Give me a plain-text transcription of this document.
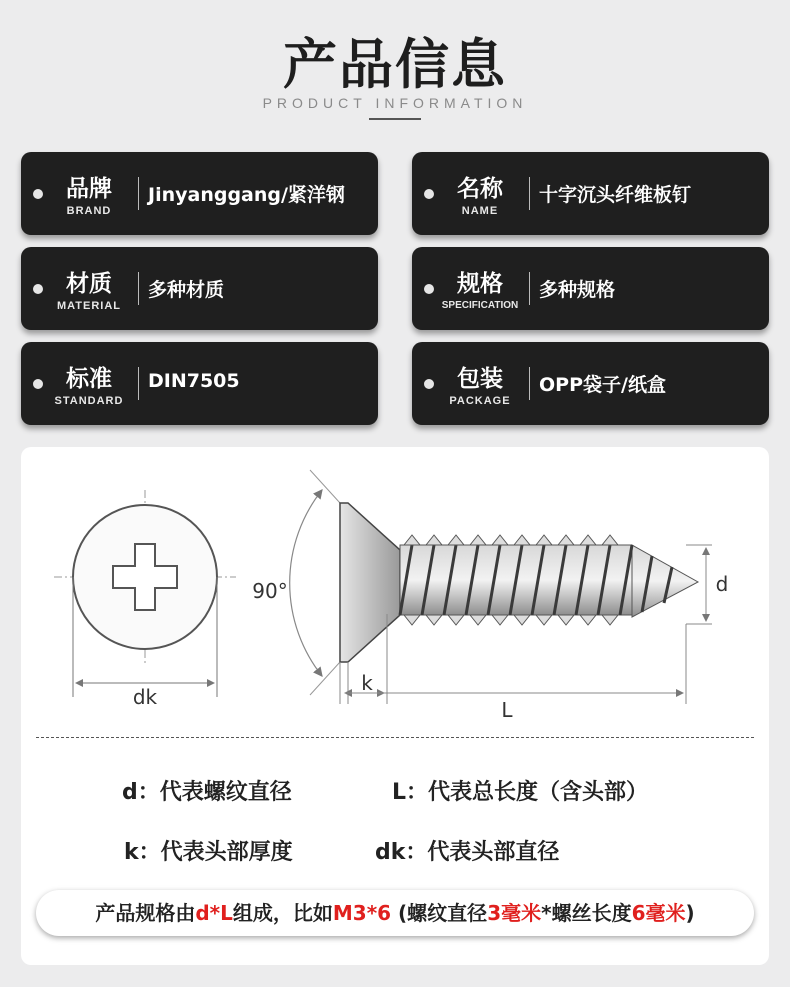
产品信息
PRODUCT INFORMATION
品牌
BRAND
Jinyanggang/紧洋钢	名称
NAME
十字沉头纤维板钉
材质
MATERIAL
多种材质	规格
SPECIFICATION
多种规格
标准
STANDARD
DIN7505	包装
PACKAGE
OPP袋子/纸盒
dk
90°
k
L
d
d：代表螺纹直径	L：代表总长度（含头部）
k：代表头部厚度	dk：代表头部直径
产品规格由d*L组成，比如M3*6 (螺纹直径3毫米*螺丝长度6毫米)
